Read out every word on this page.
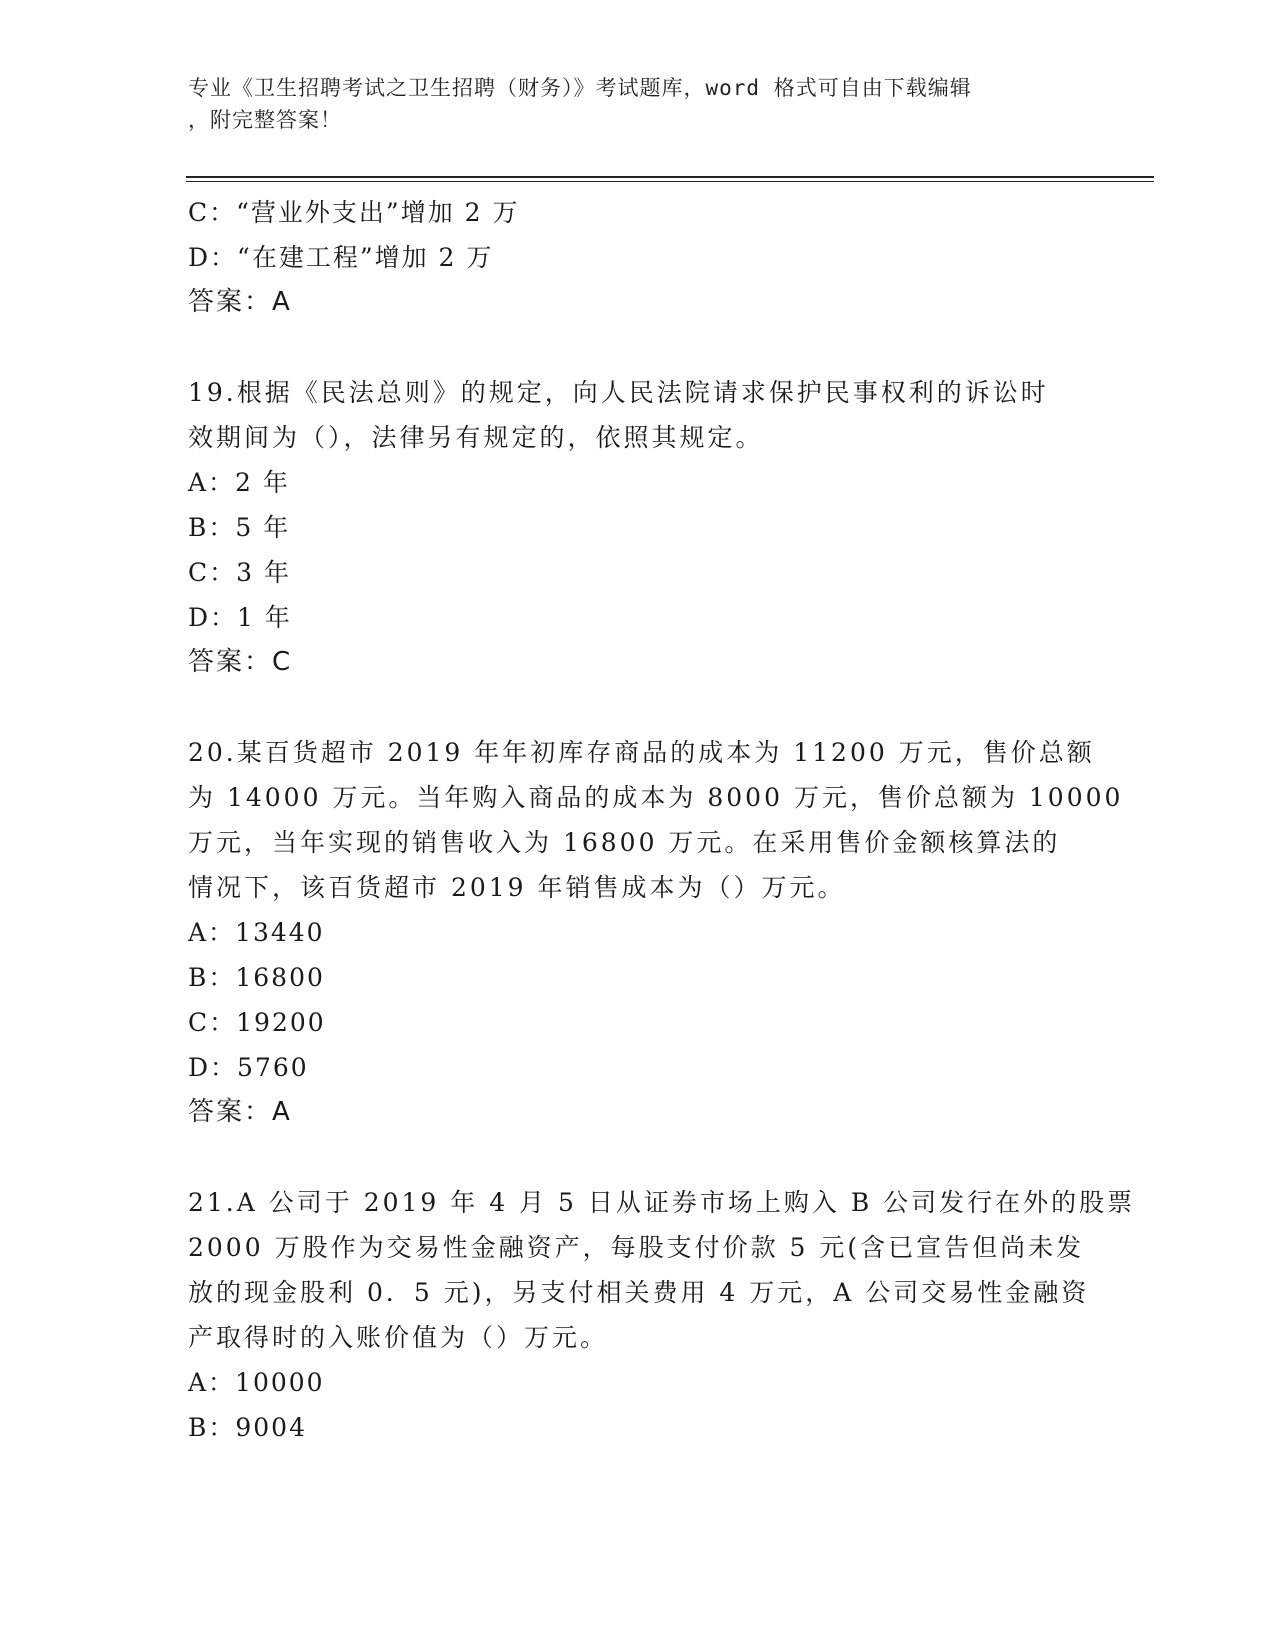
专业《卫生招聘考试之卫生招聘（财务）》考试题库，word 格式可自由下载编辑
，附完整答案！
C：“营业外支出”增加 2 万
D：“在建工程”增加 2 万
答案：A
19.根据《民法总则》的规定，向人民法院请求保护民事权利的诉讼时
效期间为（），法律另有规定的，依照其规定。
A：2 年
B：5 年
C：3 年
D：1 年
答案：C
20.某百货超市 2019 年年初库存商品的成本为 11200 万元，售价总额
为 14000 万元。当年购入商品的成本为 8000 万元，售价总额为 10000
万元，当年实现的销售收入为 16800 万元。在采用售价金额核算法的
情况下，该百货超市 2019 年销售成本为（）万元。
A：13440
B：16800
C：19200
D：5760
答案：A
21.A 公司于 2019 年 4 月 5 日从证券市场上购入 B 公司发行在外的股票
2000 万股作为交易性金融资产，每股支付价款 5 元(含已宣告但尚未发
放的现金股利 0．5 元)，另支付相关费用 4 万元，A 公司交易性金融资
产取得时的入账价值为（）万元。
A：10000
B：9004
